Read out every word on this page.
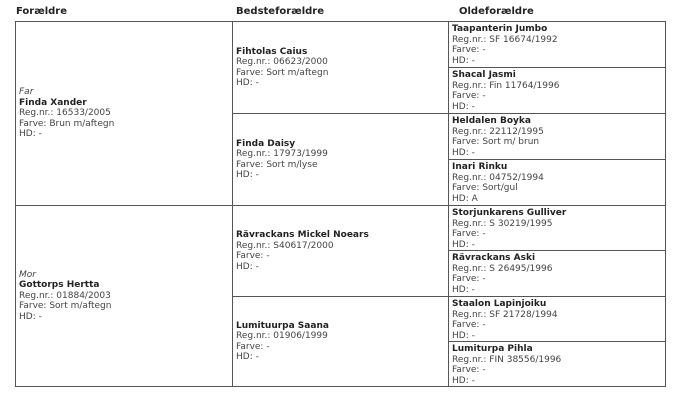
Forældre	Bedsteforældre	Oldeforældre
Far
Finda Xander
Reg.nr.: 16533/2005
Farve: Brun m/aftegn
HD: -
Mor
Gottorps Hertta
Reg.nr.: 01884/2003
Farve: Sort m/aftegn
HD: -
Fihtolas Caius
Reg.nr.: 06623/2000
Farve: Sort m/aftegn
HD: -
Finda Daisy
Reg.nr.: 17973/1999
Farve: Sort m/lyse
HD: -
Rävrackans Mickel Noears
Reg.nr.: S40617/2000
Farve: -
HD: -
Lumituurpa Saana
Reg.nr.: 01906/1999
Farve: -
HD: -
Taapanterin Jumbo
Reg.nr.: SF 16674/1992
Farve: -
HD: -
Shacal Jasmi
Reg.nr.: Fin 11764/1996
Farve: -
HD: -
Heldalen Boyka
Reg.nr.: 22112/1995
Farve: Sort m/ brun
HD: -
Inari Rinku
Reg.nr.: 04752/1994
Farve: Sort/gul
HD: A
Storjunkarens Gulliver
Reg.nr.: S 30219/1995
Farve: -
HD: -
Rävrackans Aski
Reg.nr.: S 26495/1996
Farve: -
HD: -
Staalon Lapinjoiku
Reg.nr.: SF 21728/1994
Farve: -
HD: -
Lumiturpa Pihla
Reg.nr.: FIN 38556/1996
Farve: -
HD: -
